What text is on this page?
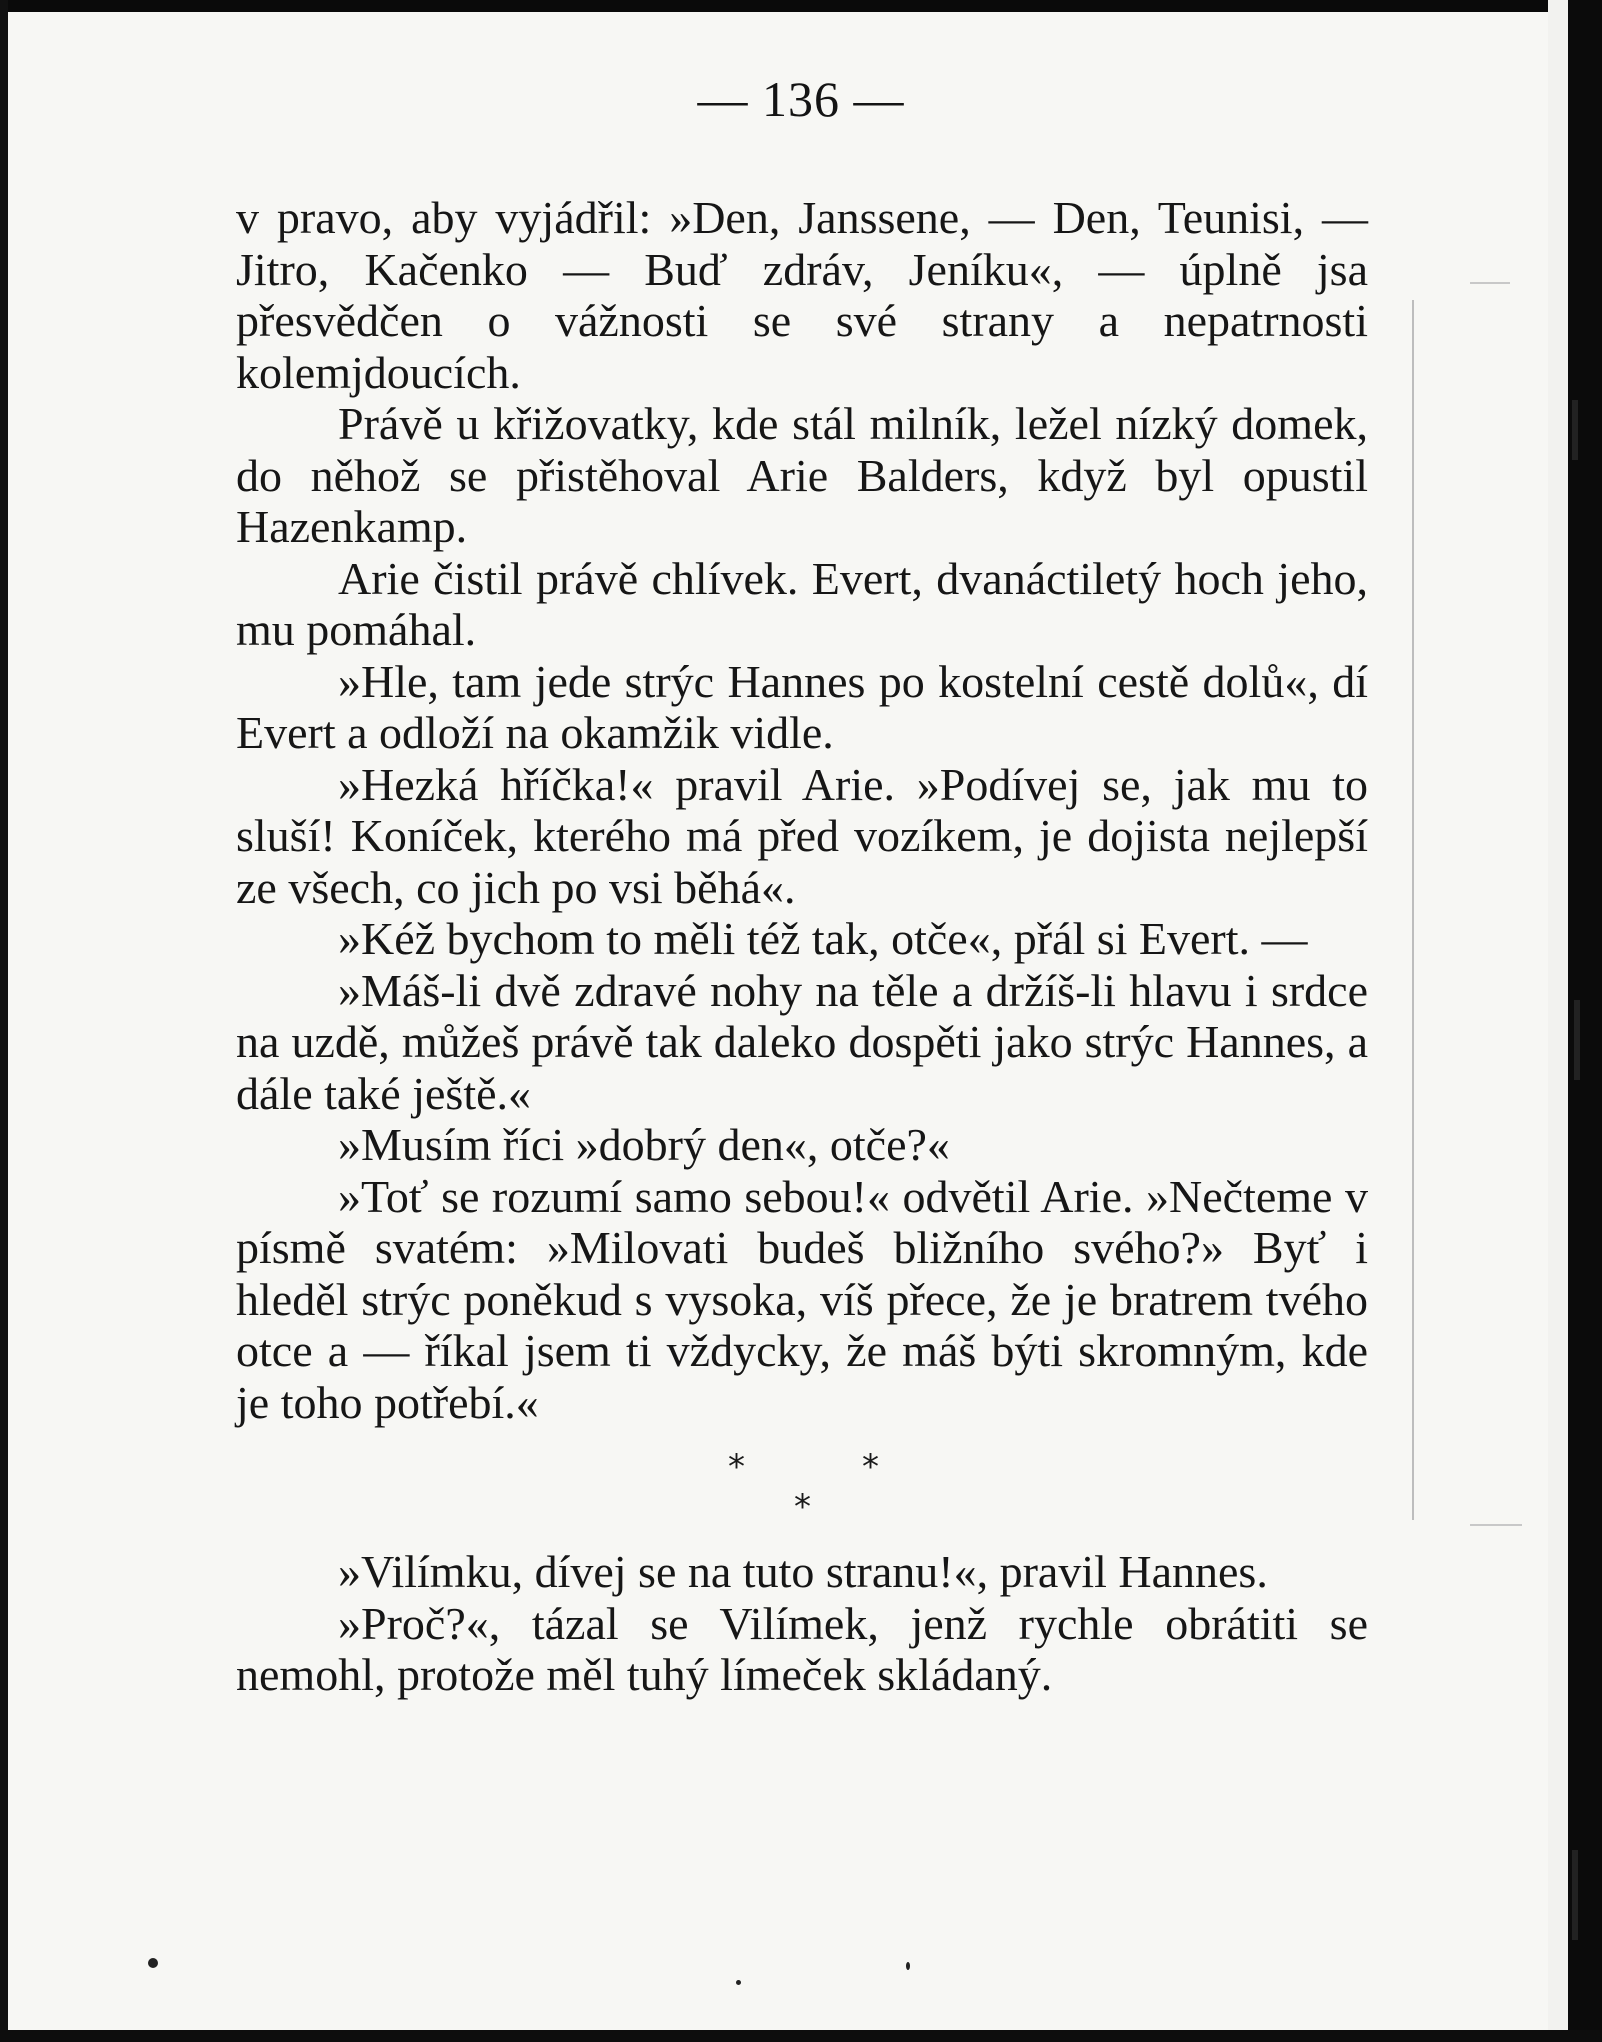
— 136 —

v pravo, aby vyjádřil: »Den, Janssene, — Den, Teunisi, — Jitro, Kačenko — Buď zdráv, Jeníku«, — úplně jsa přesvědčen o vážnosti se své strany a nepatrnosti kolemjdoucích.

Právě u křižovatky, kde stál milník, ležel nízký domek, do něhož se přistěhoval Arie Balders, když byl opustil Hazenkamp.

Arie čistil právě chlívek. Evert, dvanáctiletý hoch jeho, mu pomáhal.

»Hle, tam jede strýc Hannes po kostelní cestě dolů«, dí Evert a odloží na okamžik vidle.

»Hezká hříčka!« pravil Arie. »Podívej se, jak mu to sluší! Koníček, kterého má před vozíkem, je dojista nejlepší ze všech, co jich po vsi běhá«.

»Kéž bychom to měli též tak, otče«, přál si Evert. —

»Máš-li dvě zdravé nohy na těle a držíš-li hlavu i srdce na uzdě, můžeš právě tak daleko dospěti jako strýc Hannes, a dále také ještě.«

»Musím říci »dobrý den«, otče?«

»Toť se rozumí samo sebou!« odvětil Arie. »Nečteme v písmě svatém: »Milovati budeš bližního svého?» Byť i hleděl strýc poněkud s vysoka, víš přece, že je bratrem tvého otce a — říkal jsem ti vždycky, že máš býti skromným, kde je toho potřebí.«

*	*
*

»Vilímku, dívej se na tuto stranu!«, pravil Hannes.

»Proč?«, tázal se Vilímek, jenž rychle obrátiti se nemohl, protože měl tuhý límeček skládaný.
